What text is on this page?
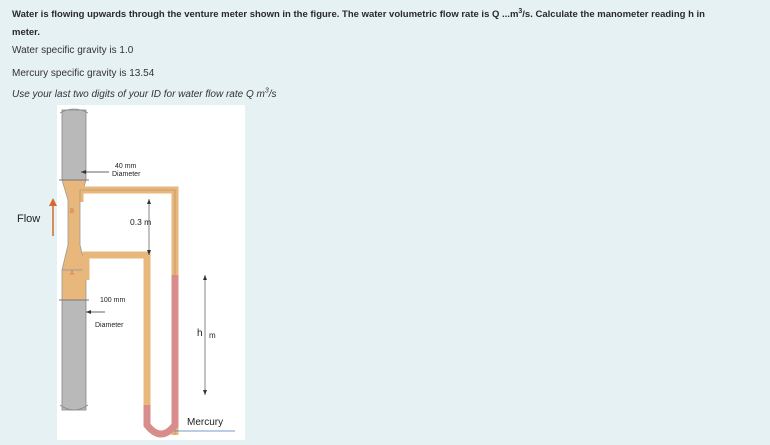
Water is flowing upwards through the venture meter shown in the figure. The water volumetric flow rate is Q $...m^3/s$. Calculate the manometer reading h in
meter.
Water specific gravity is 1.0
Mercury specific gravity is 13.54
Use your last two digits of your ID for water flow rate Q $m^3/s$
Flow
B
A
40 mm
Diameter
0.3 m
100 mm
Diameter
h m
Mercury
